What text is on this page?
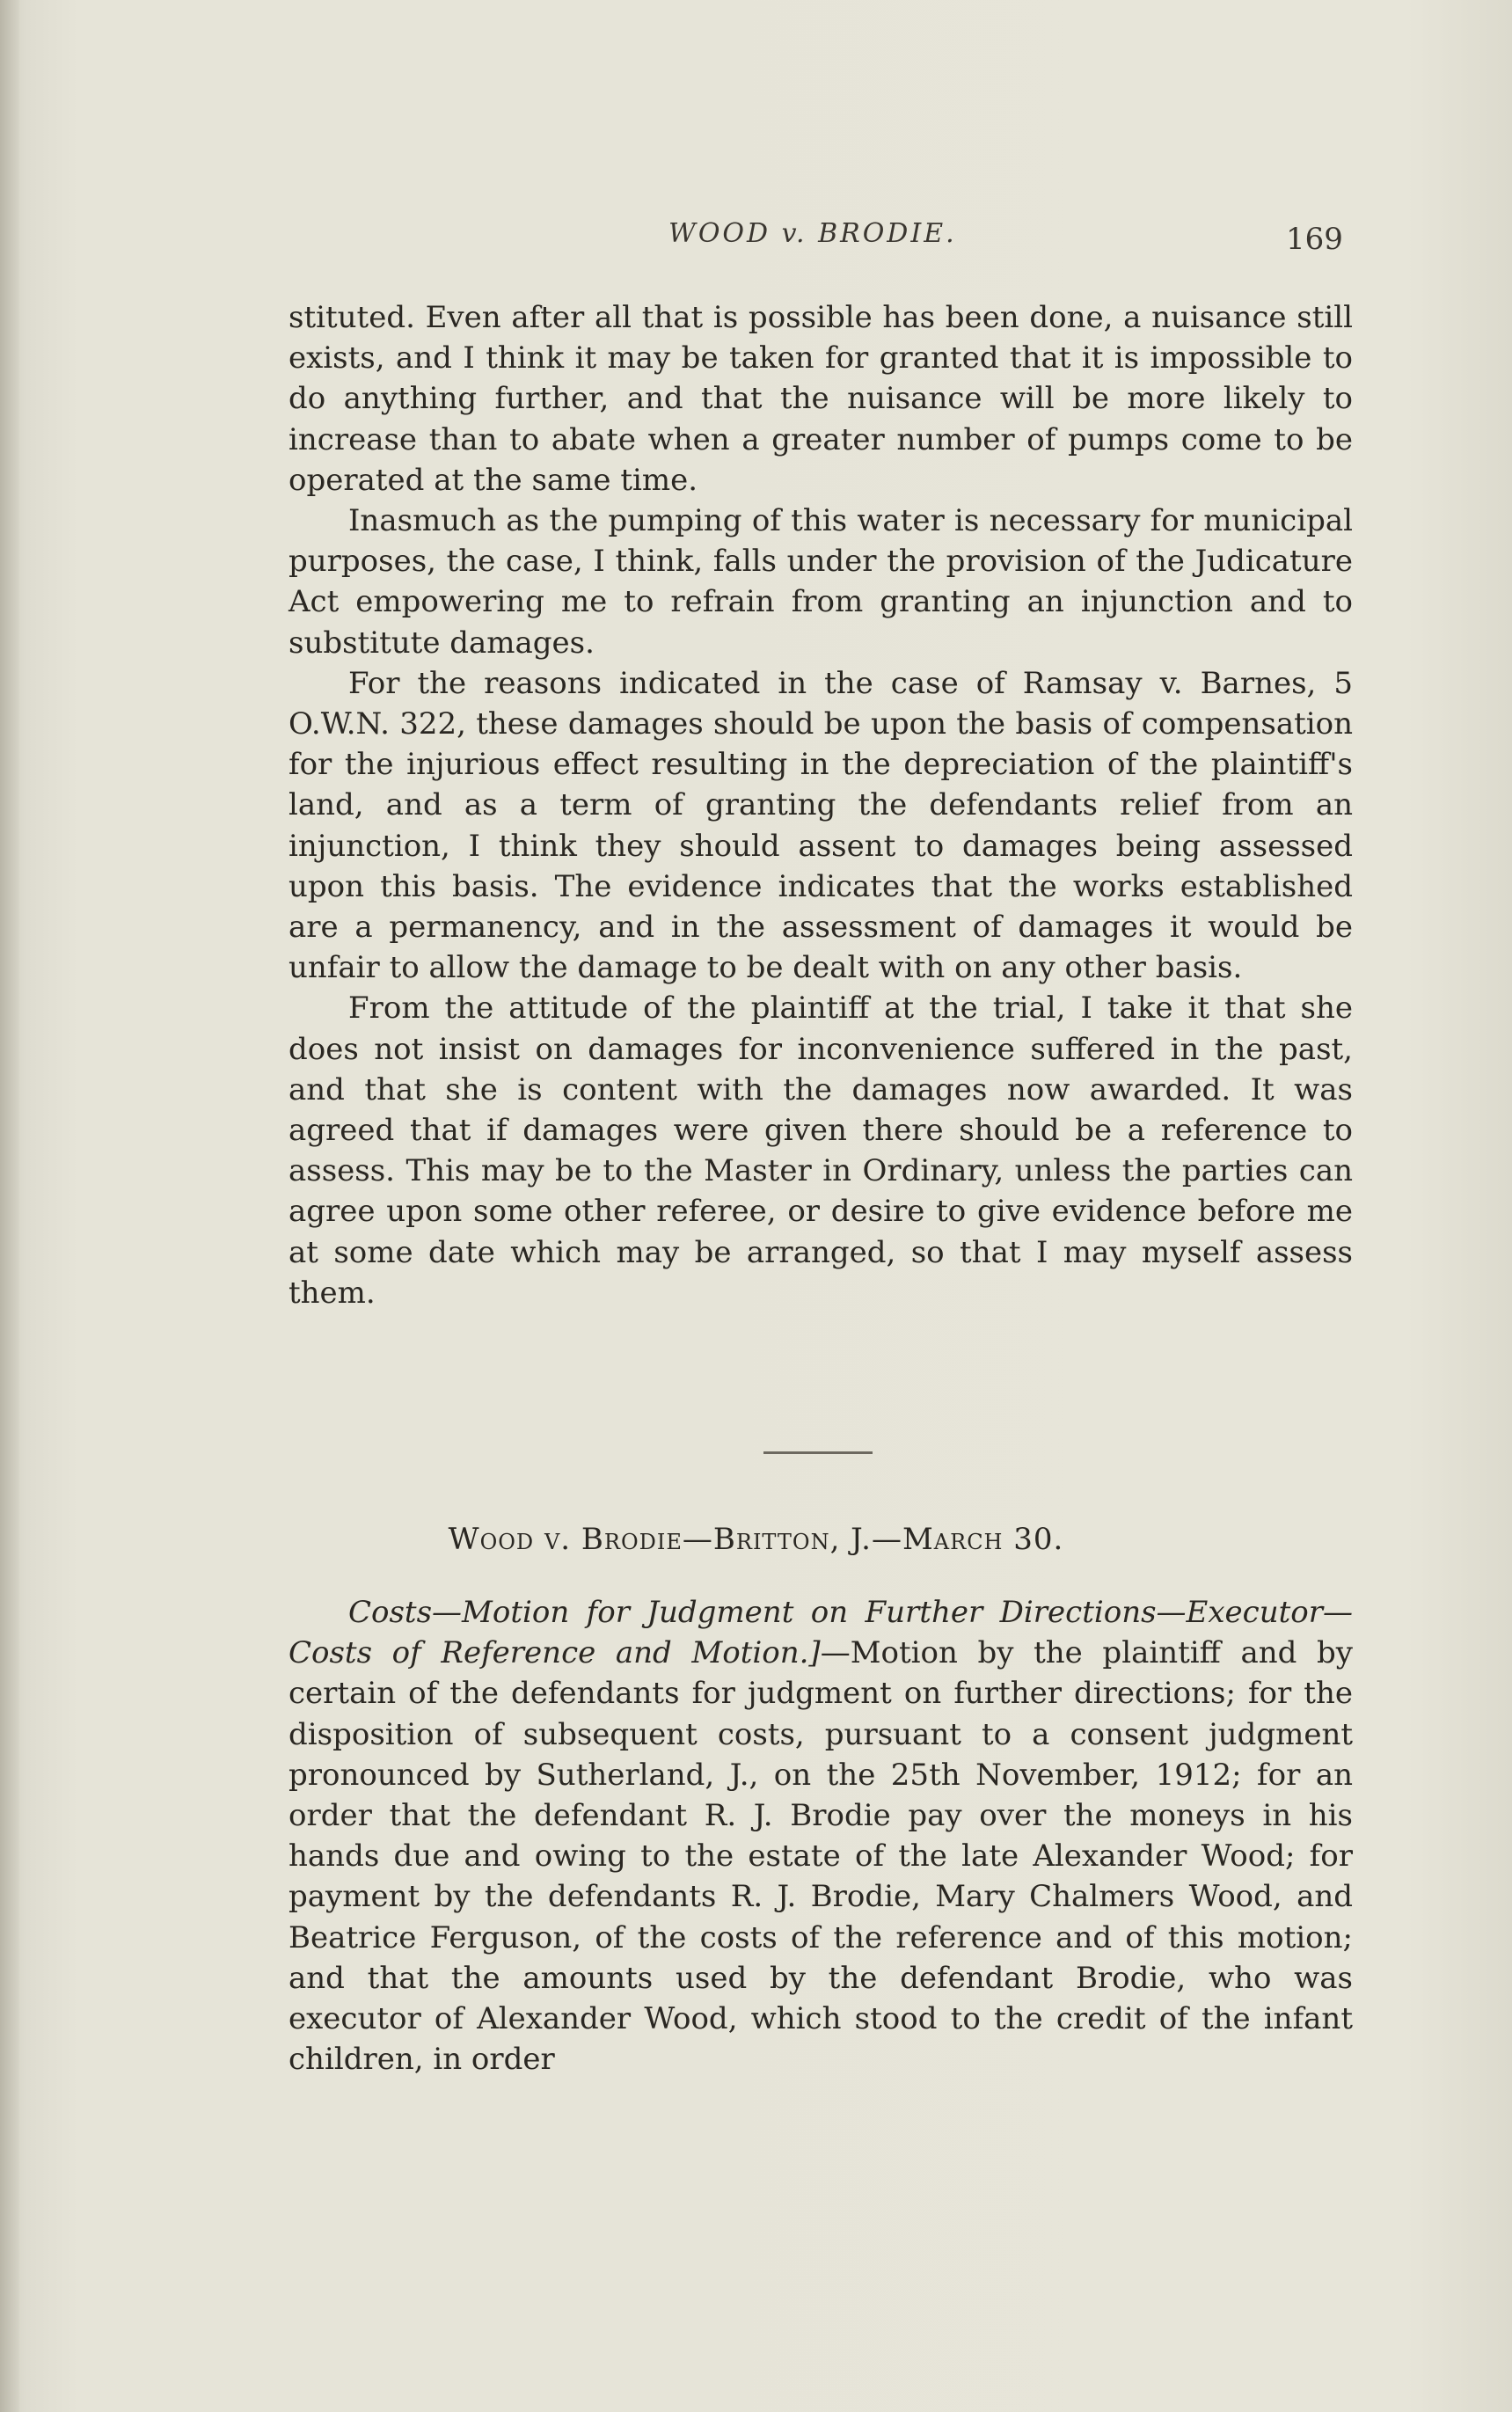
WOOD v. BRODIE.	169

stituted. Even after all that is possible has been done, a nuisance still exists, and I think it may be taken for granted that it is impossible to do anything further, and that the nuisance will be more likely to increase than to abate when a greater number of pumps come to be operated at the same time.

Inasmuch as the pumping of this water is necessary for municipal purposes, the case, I think, falls under the provision of the Judicature Act empowering me to refrain from granting an injunction and to substitute damages.

For the reasons indicated in the case of Ramsay v. Barnes, 5 O.W.N. 322, these damages should be upon the basis of compensation for the injurious effect resulting in the depreciation of the plaintiff's land, and as a term of granting the defendants relief from an injunction, I think they should assent to damages being assessed upon this basis. The evidence indicates that the works established are a permanency, and in the assessment of damages it would be unfair to allow the damage to be dealt with on any other basis.

From the attitude of the plaintiff at the trial, I take it that she does not insist on damages for inconvenience suffered in the past, and that she is content with the damages now awarded. It was agreed that if damages were given there should be a reference to assess. This may be to the Master in Ordinary, unless the parties can agree upon some other referee, or desire to give evidence before me at some date which may be arranged, so that I may myself assess them.

Wood v. Brodie—Britton, J.—March 30.

Costs—Motion for Judgment on Further Directions—Executor—Costs of Reference and Motion.]—Motion by the plaintiff and by certain of the defendants for judgment on further directions; for the disposition of subsequent costs, pursuant to a consent judgment pronounced by Sutherland, J., on the 25th November, 1912; for an order that the defendant R. J. Brodie pay over the moneys in his hands due and owing to the estate of the late Alexander Wood; for payment by the defendants R. J. Brodie, Mary Chalmers Wood, and Beatrice Ferguson, of the costs of the reference and of this motion; and that the amounts used by the defendant Brodie, who was executor of Alexander Wood, which stood to the credit of the infant children, in order
